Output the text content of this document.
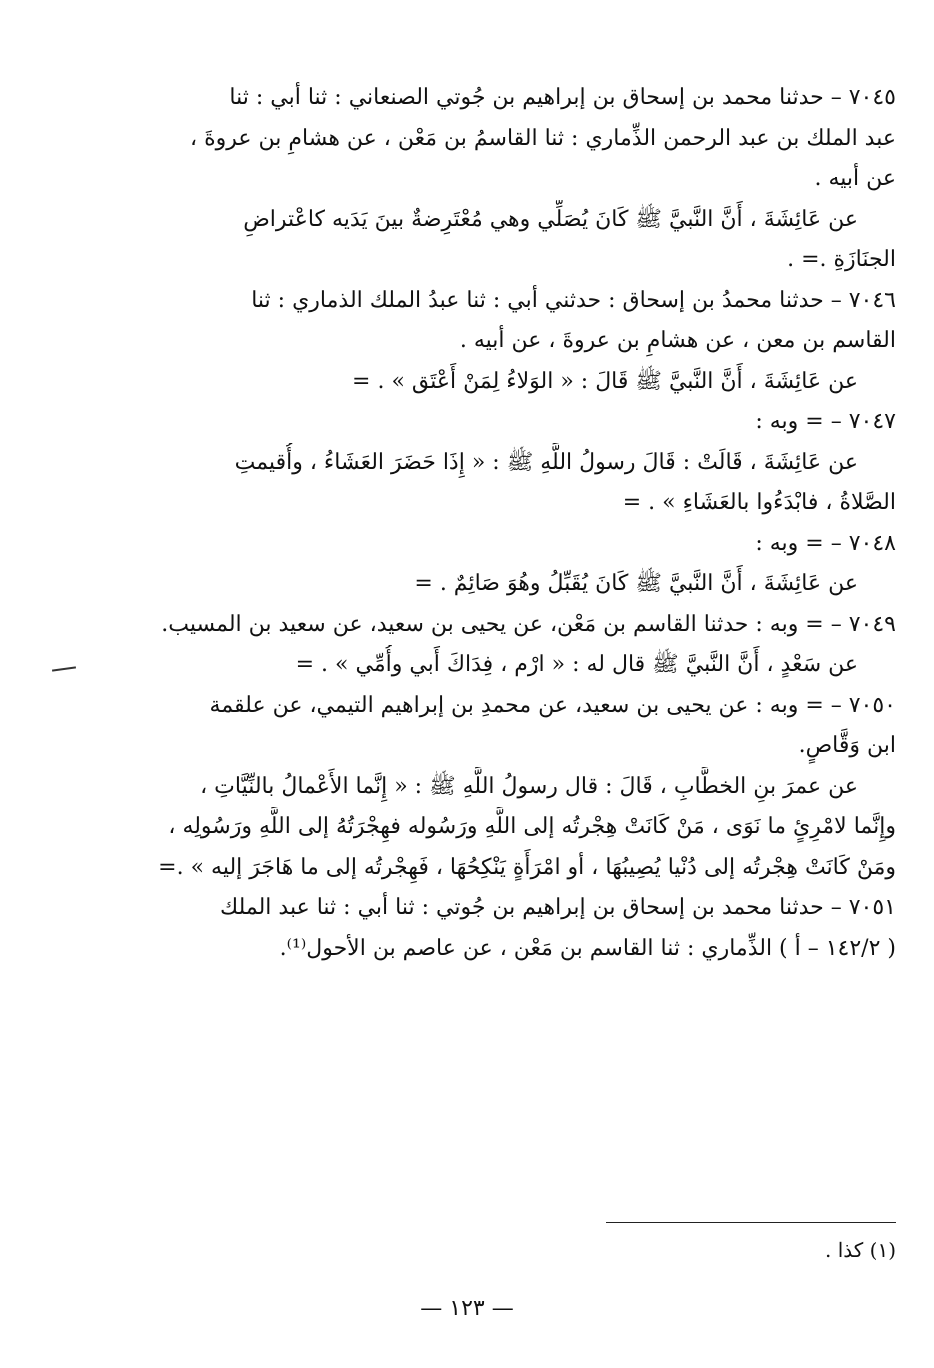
٧٠٤٥ – حدثنا محمد بن إسحاق بن إبراهيم بن جُوتي الصنعاني : ثنا أبي : ثنا
عبد الملك بن عبد الرحمن الذِّماري : ثنا القاسمُ بن مَعْن ، عن هشامِ بن عروةَ ،
عن أبيه .
عن عَائِشَةَ ، أَنَّ النَّبيَّ ﷺ كَانَ يُصَلِّي وهي مُعْتَرِضةٌ بينَ يَدَيه كاعْتراضِ
الجنَازَةِ .= .
٧٠٤٦ – حدثنا محمدُ بن إسحاق : حدثني أبي : ثنا عبدُ الملك الذماري : ثنا
القاسم بن معن ، عن هشامِ بن عروةَ ، عن أبيه .
عن عَائِشَةَ ، أَنَّ النَّبيَّ ﷺ قَالَ : « الوَلاءُ لِمَنْ أَعْتَق » . =
٧٠٤٧ – = وبه :
عن عَائِشَةَ ، قَالَتْ : قَالَ رسولُ اللَّهِ ﷺ : « إِذَا حَضَرَ العَشَاءُ ، وأُقيمتِ
الصَّلاةُ ، فابْدَءُوا بالعَشَاءِ » . =
٧٠٤٨ – = وبه :
عن عَائِشَةَ ، أَنَّ النَّبيَّ ﷺ كَانَ يُقَبِّلُ وهُوَ صَائِمٌ . =
٧٠٤٩ – = وبه : حدثنا القاسم بن مَعْن، عن يحيى بن سعيد، عن سعيد بن المسيب.
عن سَعْدٍ ، أَنَّ النَّبيَّ ﷺ قال له : « ارْم ، فِدَاكَ أَبي وأُمِّي » . =
٧٠٥٠ – = وبه : عن يحيى بن سعيد، عن محمدِ بن إبراهيم التيمي، عن علقمة
ابن وَقَّاصٍ.
عن عمرَ بنِ الخطَّابِ ، قَالَ : قال رسولُ اللَّهِ ﷺ : « إِنَّما الأَعْمالُ بالنِّيَّاتِ ،
وإِنَّما لامْرِئٍ ما نَوَى ، مَنْ كَانَتْ هِجْرتُه إلى اللَّهِ ورَسُوله فهِجْرَتُهُ إلى اللَّهِ ورَسُولِه ،
ومَنْ كَانَتْ هِجْرتُه إلى دُنْيا يُصِيبُهَا ، أو امْرَأَةٍ يَنْكِحُهَا ، فَهِجْرتُه إلى ما هَاجَرَ إليه » .=
٧٠٥١ – حدثنا محمد بن إسحاق بن إبراهيم بن جُوتي : ثنا أبي : ثنا عبد الملك
( ١٤٢/٢ – أ ) الذِّماري : ثنا القاسم بن مَعْن ، عن عاصم بن الأحول⁽¹⁾.
(١) كذا .
— ١٢٣ —
